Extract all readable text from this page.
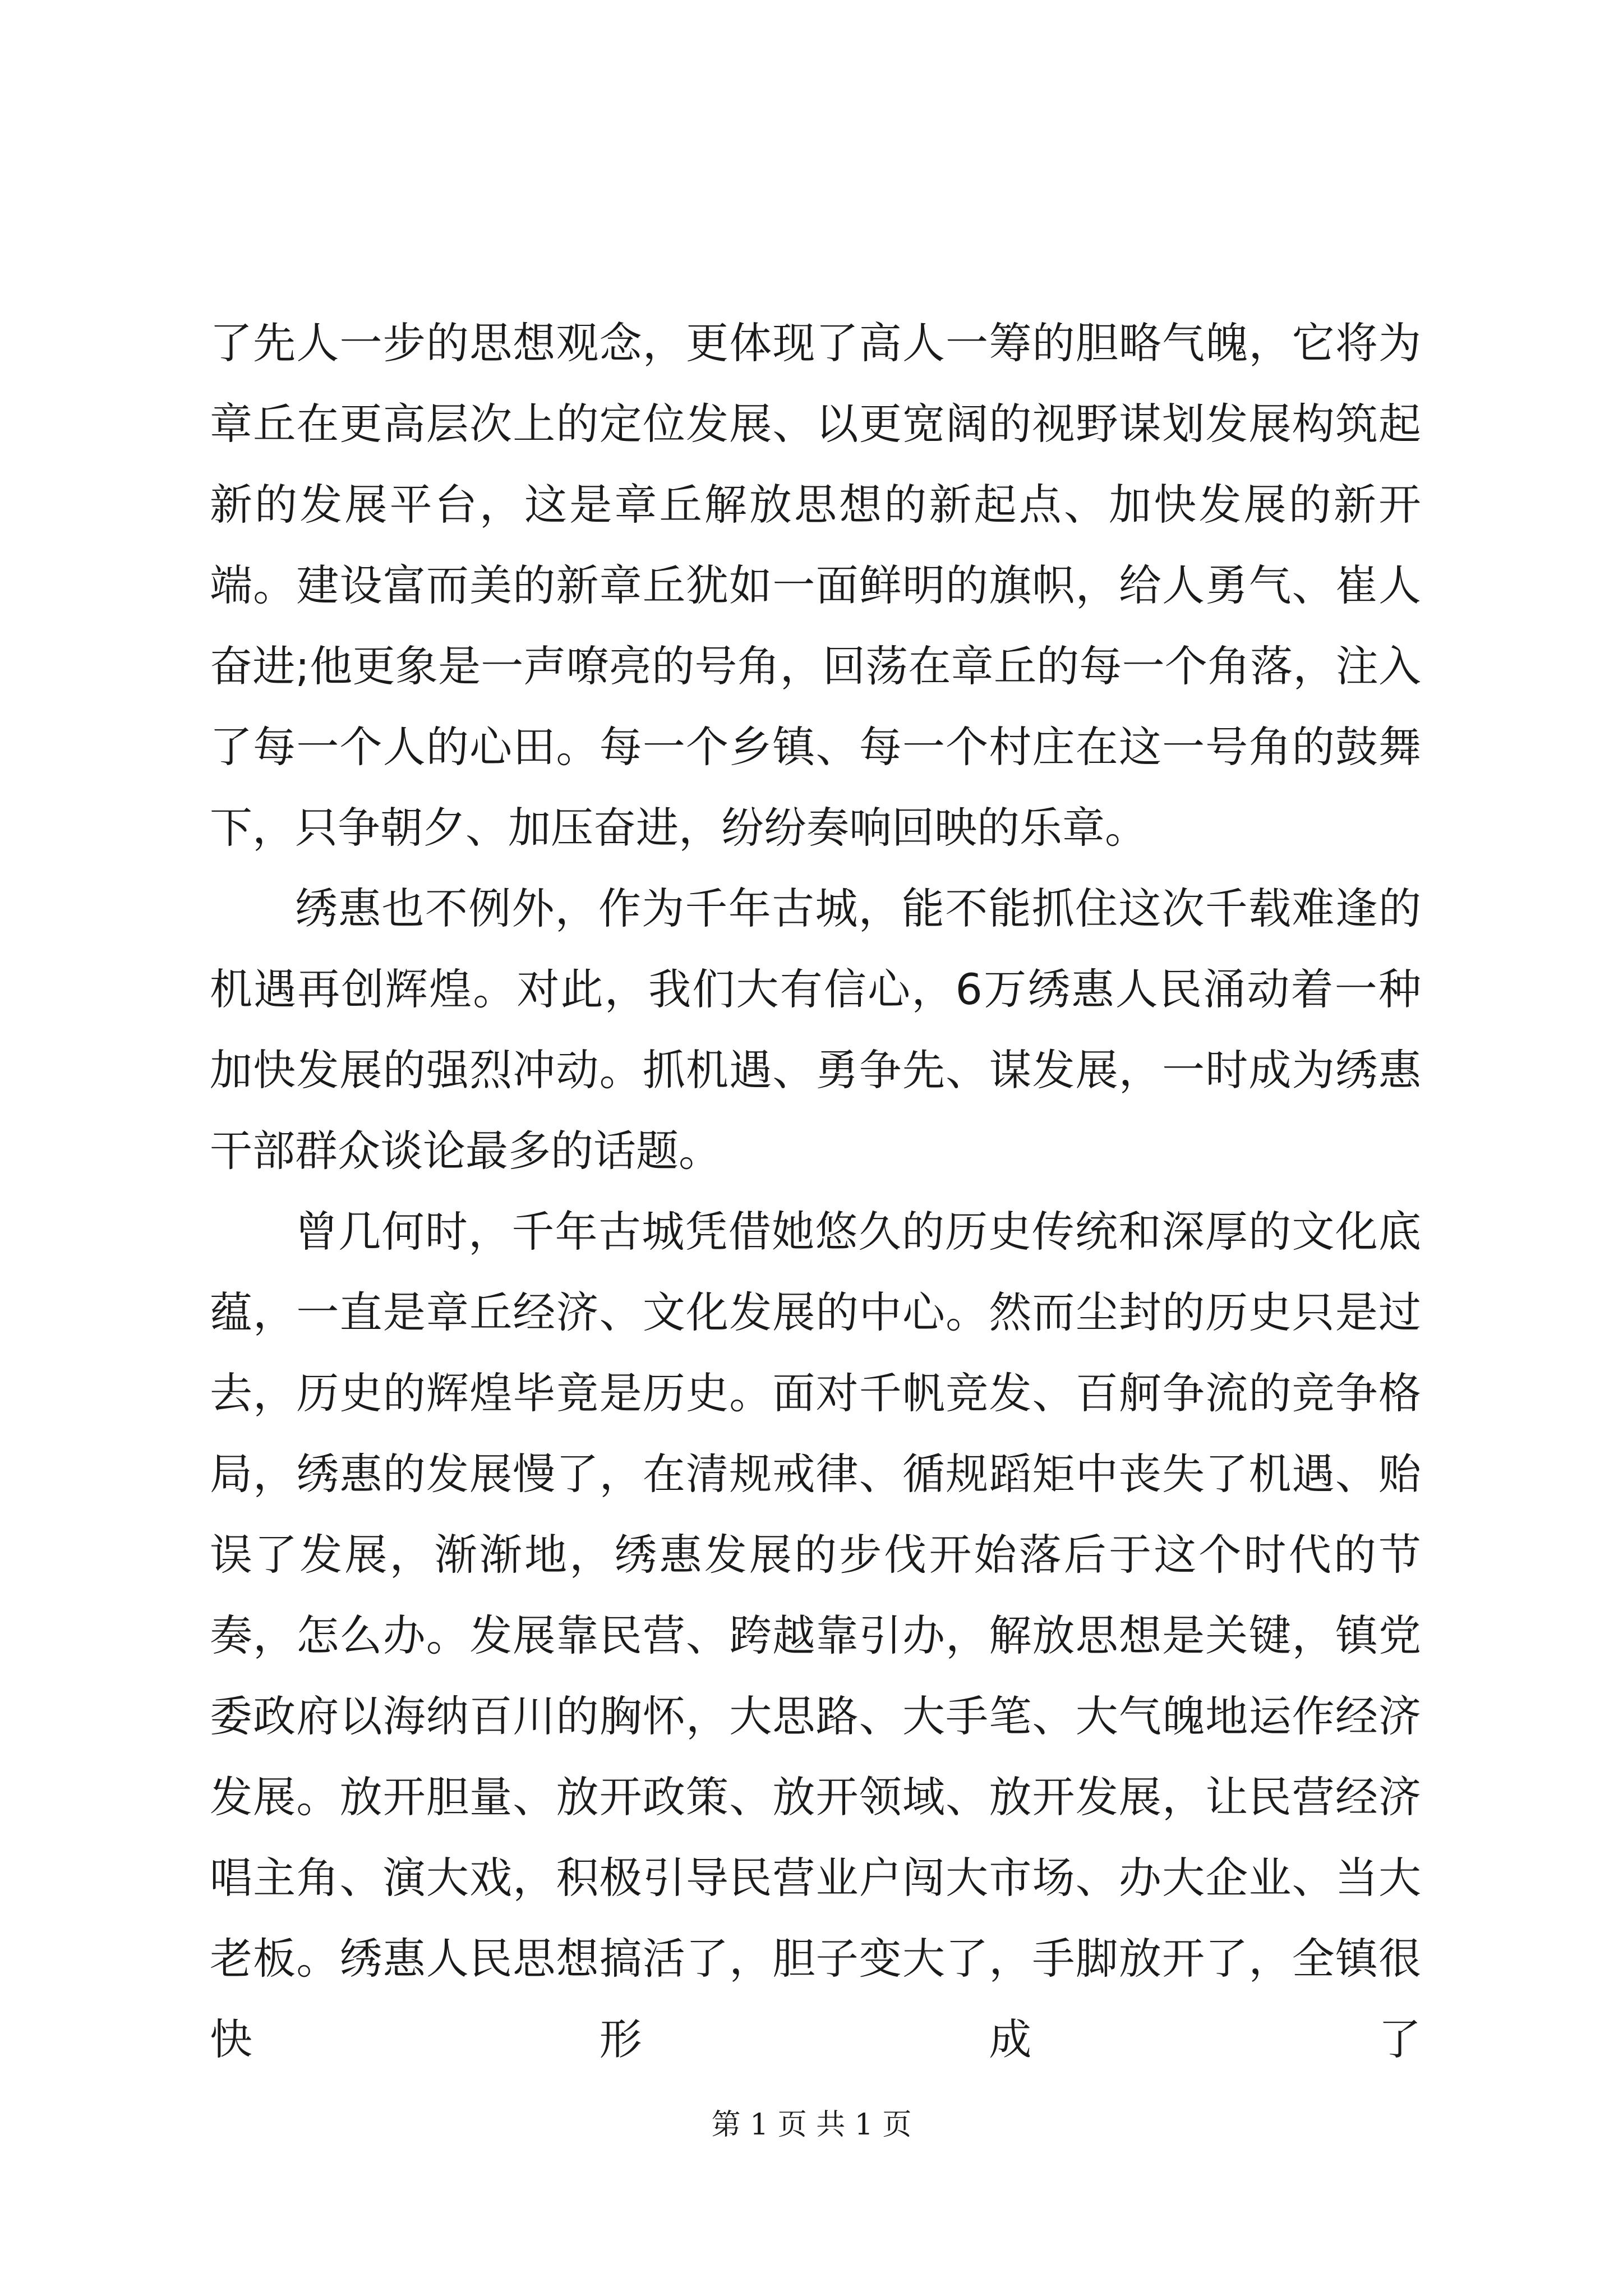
了先人一步的思想观念，更体现了高人一筹的胆略气魄，它将为章丘在更高层次上的定位发展、以更宽阔的视野谋划发展构筑起新的发展平台，这是章丘解放思想的新起点、加快发展的新开端。建设富而美的新章丘犹如一面鲜明的旗帜，给人勇气、崔人奋进;他更象是一声嘹亮的号角，回荡在章丘的每一个角落，注入了每一个人的心田。每一个乡镇、每一个村庄在这一号角的鼓舞下，只争朝夕、加压奋进，纷纷奏响回映的乐章。

绣惠也不例外，作为千年古城，能不能抓住这次千载难逢的机遇再创辉煌。对此，我们大有信心，6万绣惠人民涌动着一种加快发展的强烈冲动。抓机遇、勇争先、谋发展，一时成为绣惠干部群众谈论最多的话题。

曾几何时，千年古城凭借她悠久的历史传统和深厚的文化底蕴，一直是章丘经济、文化发展的中心。然而尘封的历史只是过去，历史的辉煌毕竟是历史。面对千帆竞发、百舸争流的竞争格局，绣惠的发展慢了，在清规戒律、循规蹈矩中丧失了机遇、贻误了发展，渐渐地，绣惠发展的步伐开始落后于这个时代的节奏，怎么办。发展靠民营、跨越靠引办，解放思想是关键，镇党委政府以海纳百川的胸怀，大思路、大手笔、大气魄地运作经济发展。放开胆量、放开政策、放开领域、放开发展，让民营经济唱主角、演大戏，积极引导民营业户闯大市场、办大企业、当大老板。绣惠人民思想搞活了，胆子变大了，手脚放开了，全镇很快形成了

第 1 页 共 1 页
